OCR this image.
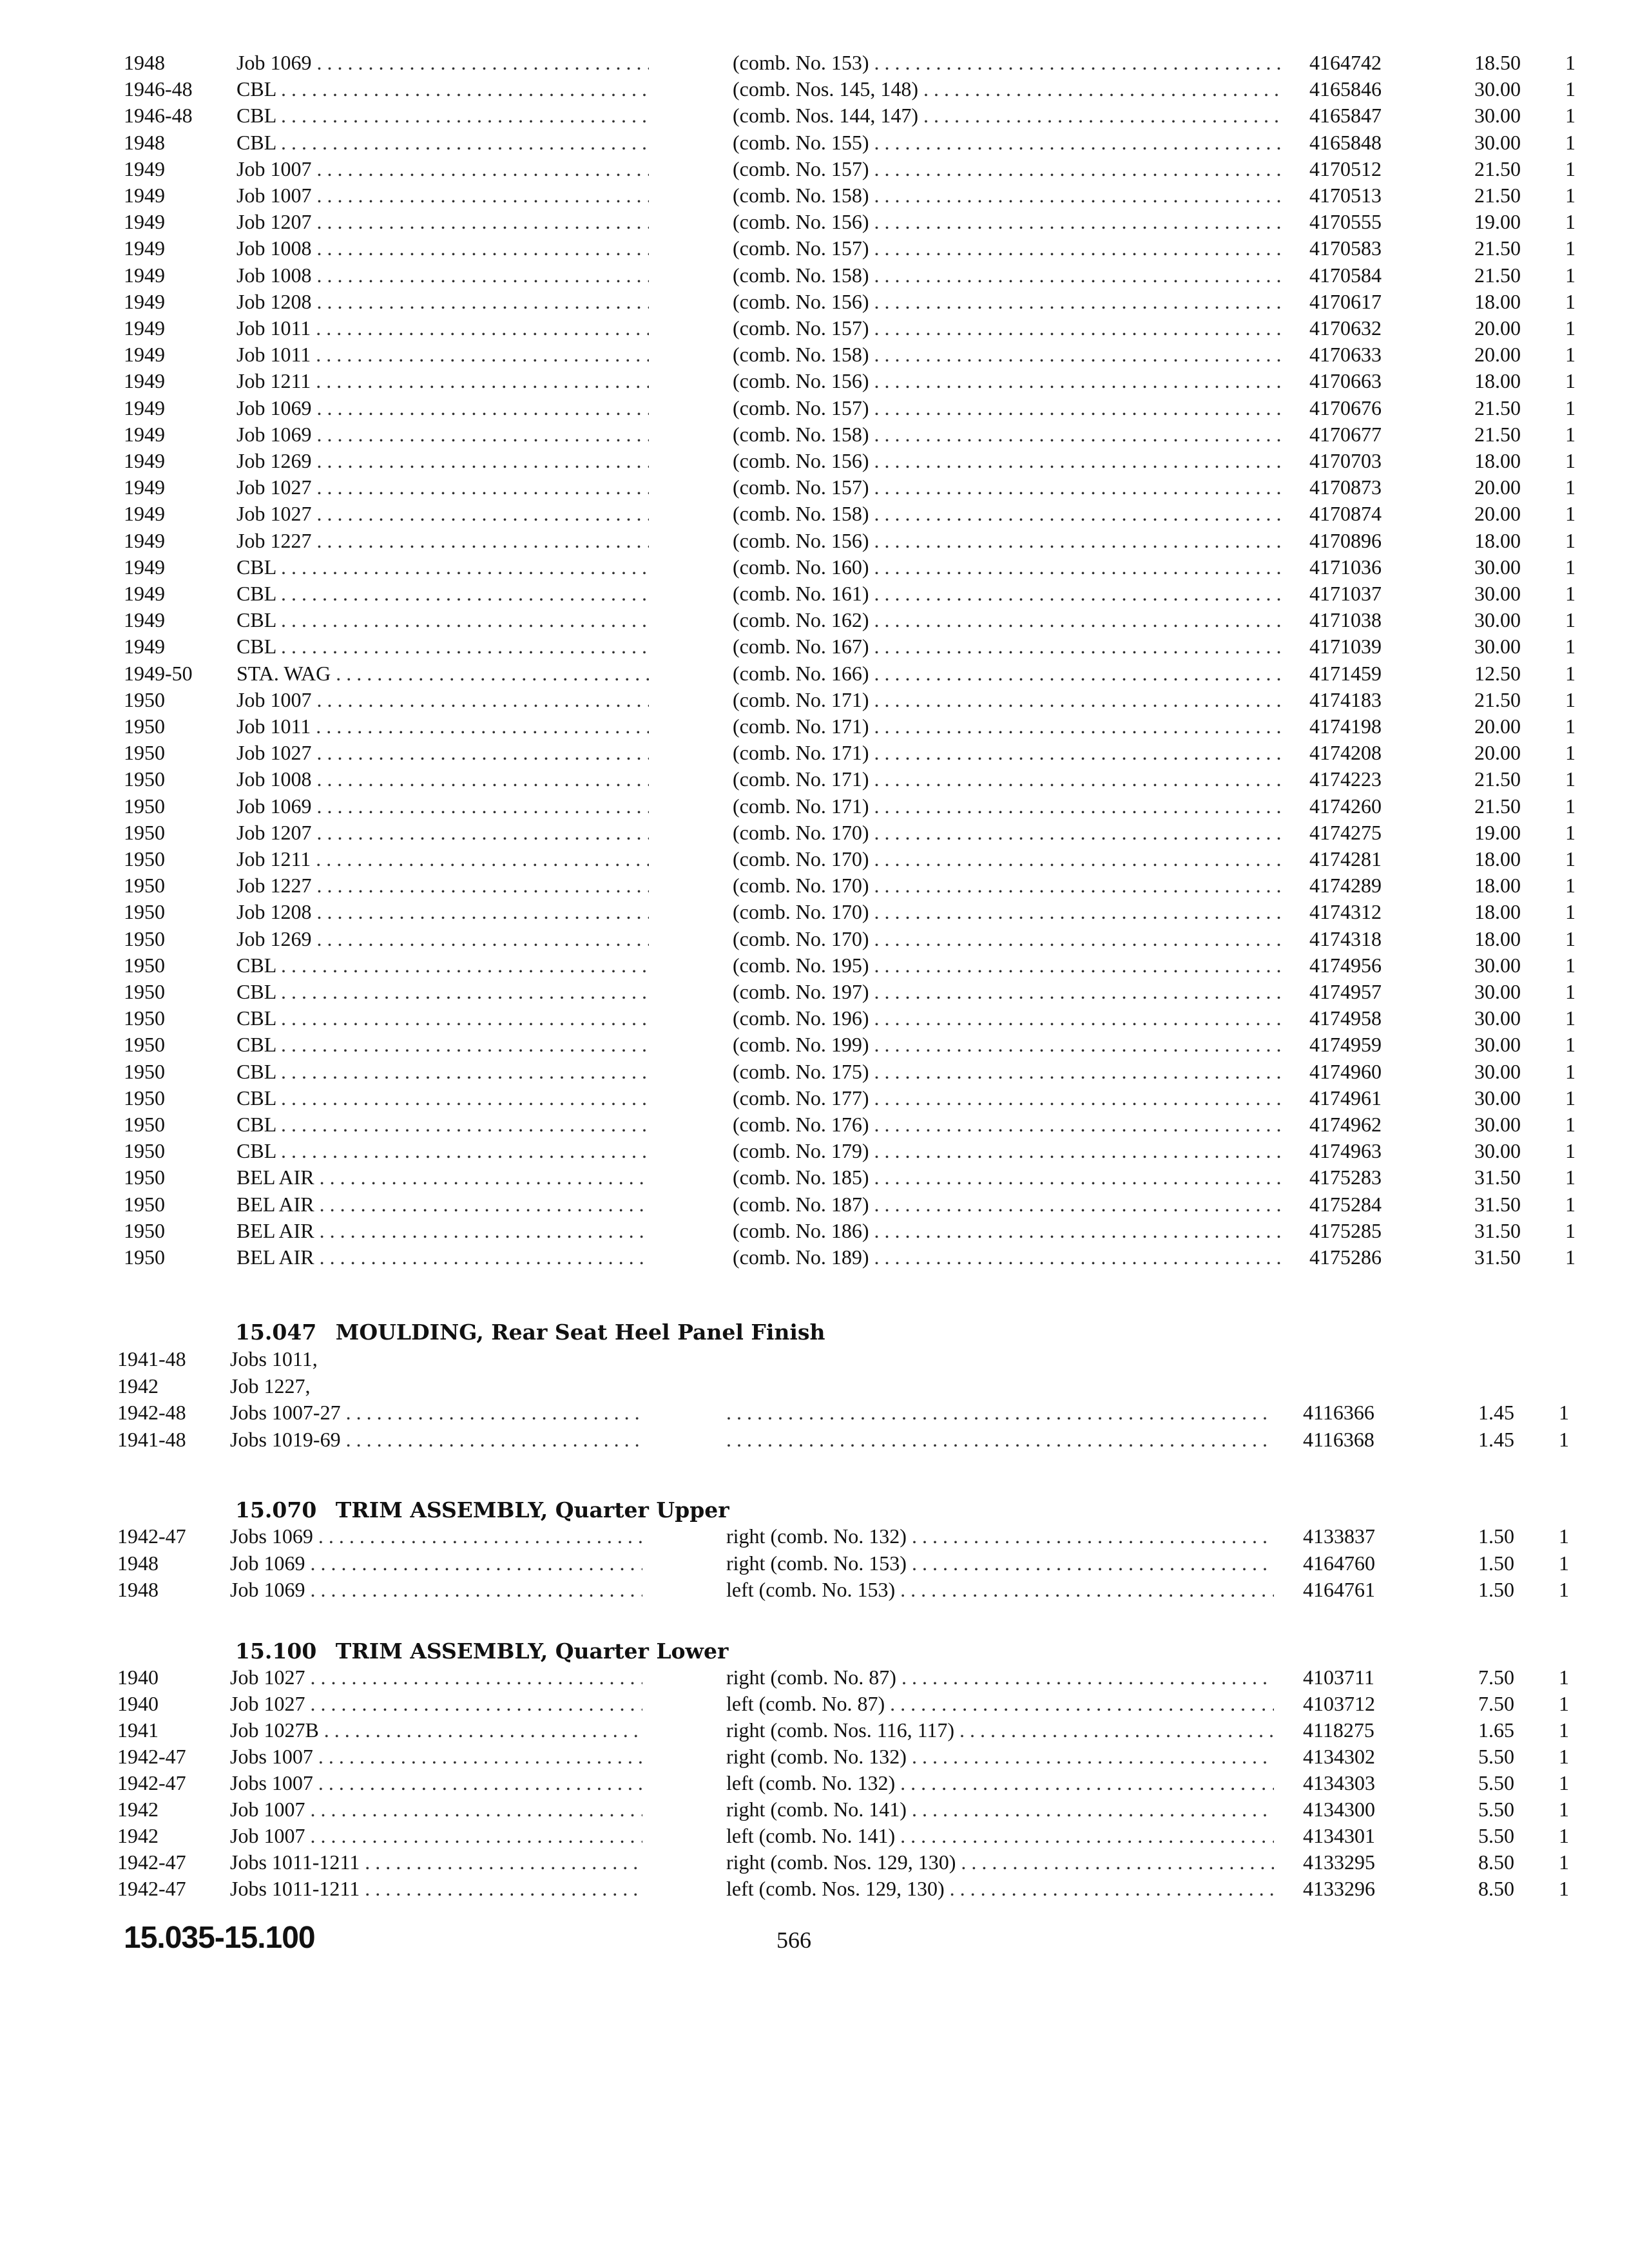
1948	Job 1069 . . .	(comb. No. 153) . . .	4164742	18.50 1
1946-48	CBL . . .	(comb. Nos. 145, 148) . . .	4165846	30.00 1
1946-48	CBL . . .	(comb. Nos. 144, 147) . . .	4165847	30.00 1
1948	CBL . . .	(comb. No. 155) . . .	4165848	30.00 1
1949	Job 1007 . . .	(comb. No. 157) . . .	4170512	21.50 1
1949	Job 1007 . . .	(comb. No. 158) . . .	4170513	21.50 1
1949	Job 1207 . . .	(comb. No. 156) . . .	4170555	19.00 1
1949	Job 1008 . . .	(comb. No. 157) . . .	4170583	21.50 1
1949	Job 1008 . . .	(comb. No. 158) . . .	4170584	21.50 1
1949	Job 1208 . . .	(comb. No. 156) . . .	4170617	18.00 1
1949	Job 1011 . . .	(comb. No. 157) . . .	4170632	20.00 1
1949	Job 1011 . . .	(comb. No. 158) . . .	4170633	20.00 1
1949	Job 1211 . . .	(comb. No. 156) . . .	4170663	18.00 1
1949	Job 1069 . . .	(comb. No. 157) . . .	4170676	21.50 1
1949	Job 1069 . . .	(comb. No. 158) . . .	4170677	21.50 1
1949	Job 1269 . . .	(comb. No. 156) . . .	4170703	18.00 1
1949	Job 1027 . . .	(comb. No. 157) . . .	4170873	20.00 1
1949	Job 1027 . . .	(comb. No. 158) . . .	4170874	20.00 1
1949	Job 1227 . . .	(comb. No. 156) . . .	4170896	18.00 1
1949	CBL . . .	(comb. No. 160) . . .	4171036	30.00 1
1949	CBL . . .	(comb. No. 161) . . .	4171037	30.00 1
1949	CBL . . .	(comb. No. 162) . . .	4171038	30.00 1
1949	CBL . . .	(comb. No. 167) . . .	4171039	30.00 1
1949-50	STA. WAG . . .	(comb. No. 166) . . .	4171459	12.50 1
1950	Job 1007 . . .	(comb. No. 171) . . .	4174183	21.50 1
1950	Job 1011 . . .	(comb. No. 171) . . .	4174198	20.00 1
1950	Job 1027 . . .	(comb. No. 171) . . .	4174208	20.00 1
1950	Job 1008 . . .	(comb. No. 171) . . .	4174223	21.50 1
1950	Job 1069 . . .	(comb. No. 171) . . .	4174260	21.50 1
1950	Job 1207 . . .	(comb. No. 170) . . .	4174275	19.00 1
1950	Job 1211 . . .	(comb. No. 170) . . .	4174281	18.00 1
1950	Job 1227 . . .	(comb. No. 170) . . .	4174289	18.00 1
1950	Job 1208 . . .	(comb. No. 170) . . .	4174312	18.00 1
1950	Job 1269 . . .	(comb. No. 170) . . .	4174318	18.00 1
1950	CBL . . .	(comb. No. 195) . . .	4174956	30.00 1
1950	CBL . . .	(comb. No. 197) . . .	4174957	30.00 1
1950	CBL . . .	(comb. No. 196) . . .	4174958	30.00 1
1950	CBL . . .	(comb. No. 199) . . .	4174959	30.00 1
1950	CBL . . .	(comb. No. 175) . . .	4174960	30.00 1
1950	CBL . . .	(comb. No. 177) . . .	4174961	30.00 1
1950	CBL . . .	(comb. No. 176) . . .	4174962	30.00 1
1950	CBL . . .	(comb. No. 179) . . .	4174963	30.00 1
1950	BEL AIR . . .	(comb. No. 185) . . .	4175283	31.50 1
1950	BEL AIR . . .	(comb. No. 187) . . .	4175284	31.50 1
1950	BEL AIR . . .	(comb. No. 186) . . .	4175285	31.50 1
1950	BEL AIR . . .	(comb. No. 189) . . .	4175286	31.50 1
15.047 MOULDING, Rear Seat Heel Panel Finish
1941-48	Jobs 1011,
1942	Job 1227,
1942-48	Jobs 1007-27 . . . . . .	4116366	1.45 1
1941-48	Jobs 1019-69 . . . . . .	4116368	1.45 1
15.070 TRIM ASSEMBLY, Quarter Upper
1942-47	Jobs 1069 . . .	right (comb. No. 132) . . .	4133837	1.50 1
1948	Job 1069 . . .	right (comb. No. 153) . . .	4164760	1.50 1
1948	Job 1069 . . .	left (comb. No. 153) . . .	4164761	1.50 1
15.100 TRIM ASSEMBLY, Quarter Lower
1940	Job 1027 . . .	right (comb. No. 87) . . .	4103711	7.50 1
1940	Job 1027 . . .	left (comb. No. 87) . . .	4103712	7.50 1
1941	Job 1027B . . .	right (comb. Nos. 116, 117) . . .	4118275	1.65 1
1942-47	Jobs 1007 . . .	right (comb. No. 132) . . .	4134302	5.50 1
1942-47	Jobs 1007 . . .	left (comb. No. 132) . . .	4134303	5.50 1
1942	Job 1007 . . .	right (comb. No. 141) . . .	4134300	5.50 1
1942	Job 1007 . . .	left (comb. No. 141) . . .	4134301	5.50 1
1942-47	Jobs 1011-1211 . . .	right (comb. Nos. 129, 130) . . .	4133295	8.50 1
1942-47	Jobs 1011-1211 . . .	left (comb. Nos. 129, 130) . . .	4133296	8.50 1
15.035-15.100	566
